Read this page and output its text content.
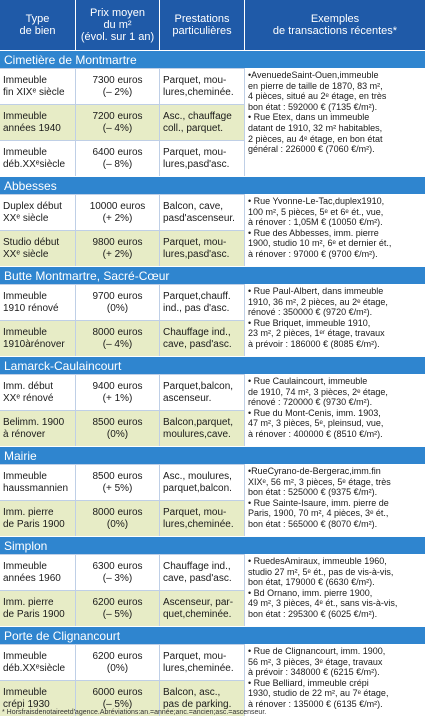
Type
de bien
Prix moyen
du m²
(évol. sur 1 an)
Prestations
particulières
Exemples
de transactions récentes*
Cimetière de Montmartre
Immeuble
fin XIXᵉ siècle
7300 euros
(– 2%)
Parquet, mou-
lures,cheminée.
Immeuble
années 1940
7200 euros
(– 4%)
Asc., chauffage
coll., parquet.
Immeuble
déb.XXᵉsiècle
6400 euros
(– 8%)
Parquet, mou-
lures,pasd'asc.
•AvenuedeSaint-Ouen,immeuble
en pierre de taille de 1870, 83 m²,
4 pièces, situé au 2ᵉ étage, en très
bon état : 592000 € (7135 €/m²).
• Rue Etex, dans un immeuble
datant de 1910, 32 m² habitables,
2 pièces, au 4ᵉ étage, en bon état
général : 226000 € (7060 €/m²).
Abbesses
Duplex début
XXᵉ siècle
10000 euros
(+ 2%)
Balcon, cave,
pasd'ascenseur.
Studio début
XXᵉ siècle
9800 euros
(+ 2%)
Parquet, mou-
lures,pasd'asc.
• Rue Yvonne-Le-Tac,duplex1910,
100 m², 5 pièces, 5ᵉ et 6ᵉ ét., vue,
à rénover : 1,05M € (10050 €/m²).
• Rue des Abbesses, imm. pierre
1900, studio 10 m², 6ᵉ et dernier ét.,
à rénover : 97000 € (9700 €/m²).
Butte Montmartre, Sacré-Cœur
Immeuble
1910 rénové
9700 euros
(0%)
Parquet,chauff.
ind., pas d'asc.
Immeuble
1910àrénover
8000 euros
(– 4%)
Chauffage ind.,
cave, pasd'asc.
• Rue Paul-Albert, dans immeuble
1910, 36 m², 2 pièces, au 2ᵉ étage,
rénové : 350000 € (9720 €/m²).
• Rue Briquet, immeuble 1910,
23 m², 2 pièces, 1ᵉʳ étage, travaux
à prévoir : 186000 € (8085 €/m²).
Lamarck-Caulaincourt
Imm. début
XXᵉ rénové
9400 euros
(+ 1%)
Parquet,balcon,
ascenseur.
Belimm. 1900
à rénover
8500 euros
(0%)
Balcon,parquet,
moulures,cave.
• Rue Caulaincourt, immeuble
de 1910, 74 m², 3 pièces, 2ᵉ étage,
rénové : 720000 € (9730 €/m²).
• Rue du Mont-Cenis, imm. 1903,
47 m², 3 pièces, 5ᵉ, pleinsud, vue,
à rénover : 400000 € (8510 €/m²).
Mairie
Immeuble
haussmannien
8500 euros
(+ 5%)
Asc., moulures,
parquet,balcon.
Imm. pierre
de Paris 1900
8000 euros
(0%)
Parquet, mou-
lures,cheminée.
•RueCyrano-de-Bergerac,imm.fin
XIXᵉ, 56 m², 3 pièces, 5ᵉ étage, très
bon état : 525000 € (9375 €/m²).
• Rue Sainte-Isaure, imm. pierre de
Paris, 1900, 70 m², 4 pièces, 3ᵉ ét.,
bon état : 565000 € (8070 €/m²).
Simplon
Immeuble
années 1960
6300 euros
(– 3%)
Chauffage ind.,
cave, pasd'asc.
Imm. pierre
de Paris 1900
6200 euros
(– 5%)
Ascenseur, par-
quet,cheminée.
• RuedesAmiraux, immeuble 1960,
studio 27 m², 5ᵉ ét., pas de vis-à-vis,
bon état, 179000 € (6630 €/m²).
• Bd Ornano, imm. pierre 1900,
49 m², 3 pièces, 4ᵉ ét., sans vis-à-vis,
bon état : 295300 € (6025 €/m²).
Porte de Clignancourt
Immeuble
déb.XXᵉsiècle
6200 euros
(0%)
Parquet, mou-
lures,cheminée.
Immeuble
crépi 1930
6000 euros
(– 5%)
Balcon, asc.,
pas de parking.
• Rue de Clignancourt, imm. 1900,
56 m², 3 pièces, 3ᵉ étage, travaux
à prévoir : 348000 € (6215 €/m²).
• Rue Belliard, immeuble crépi
1930, studio de 22 m², au 7ᵉ étage,
à rénover : 135000 € (6135 €/m²).
* Horsfraisdenotaireetd'agence.Abréviations:an.=année;anc.=ancien;asc.=ascenseur.
